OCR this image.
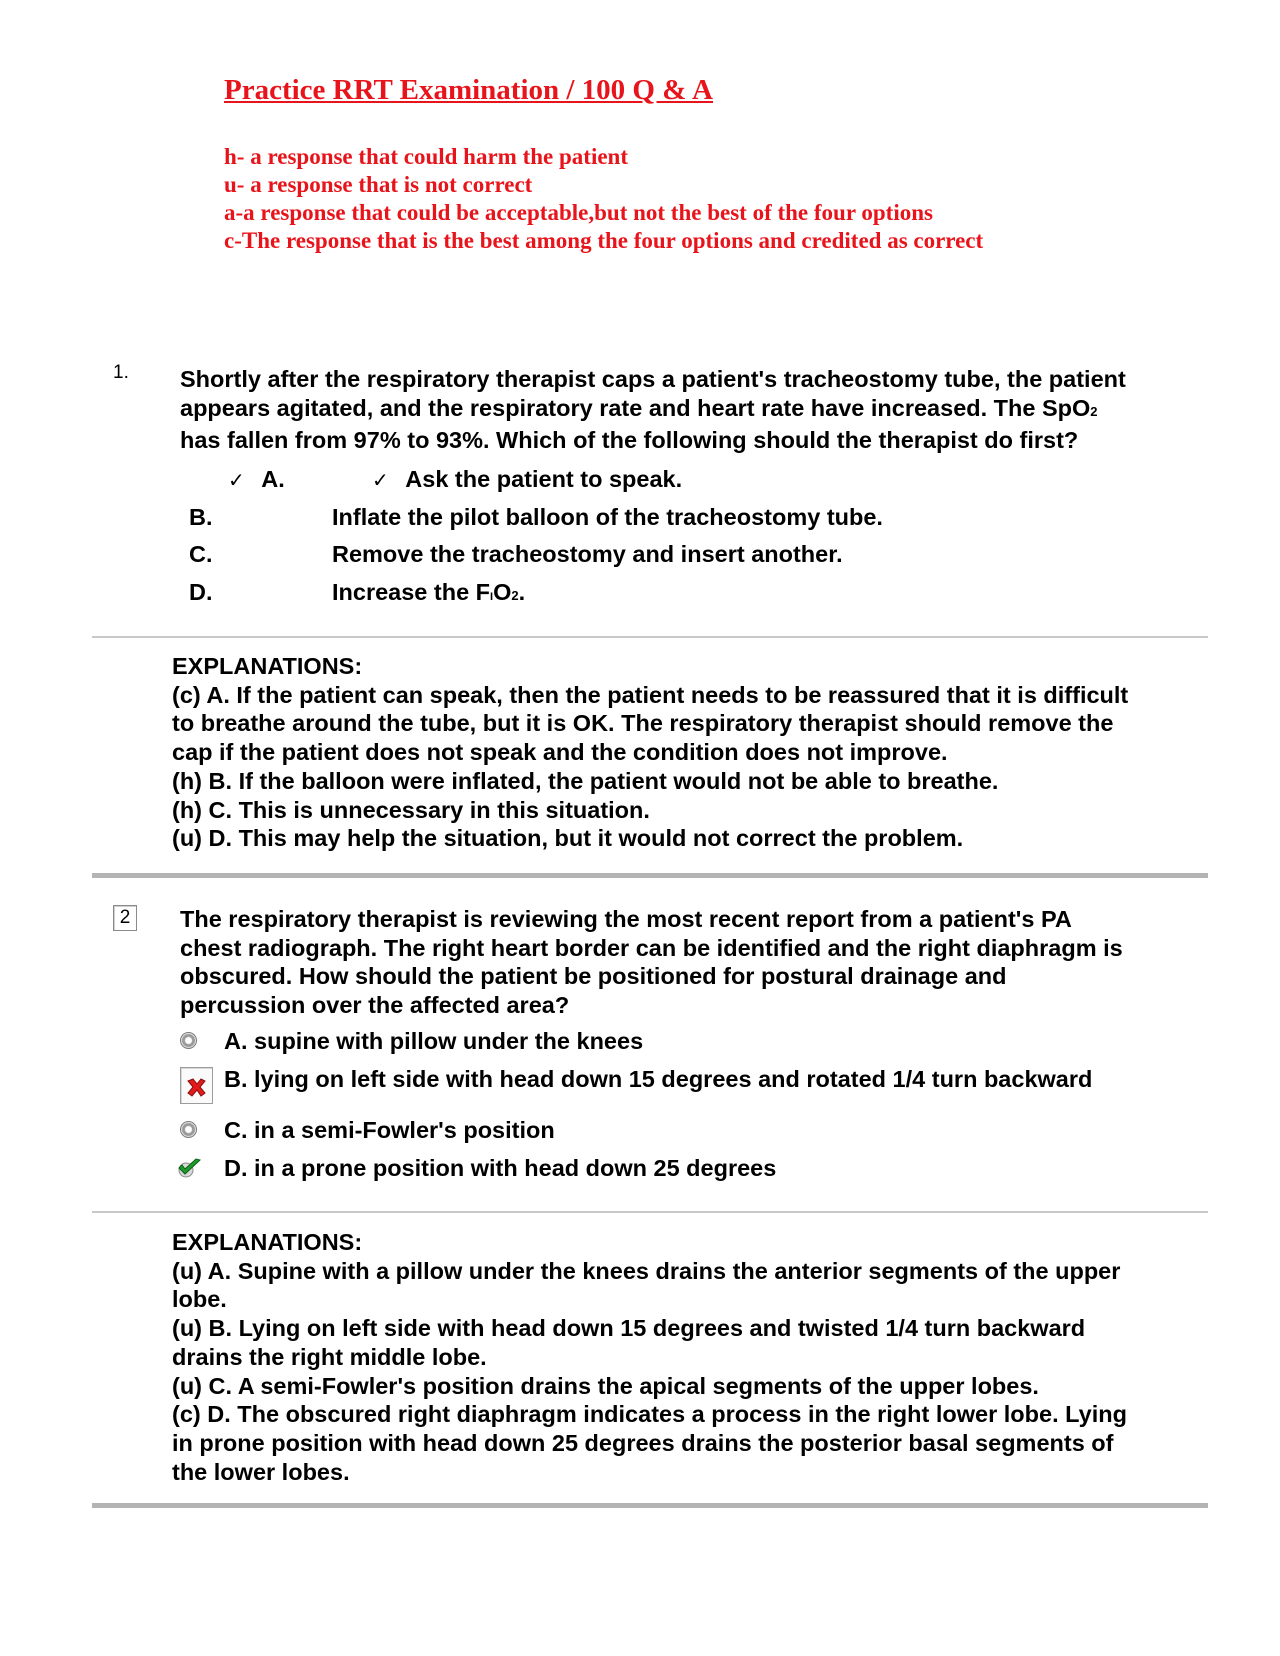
Practice RRT Examination / 100 Q & A
h- a response that could harm the patient
u- a response that is not correct
a-a response that could be acceptable,but not the best of the four options
c-The response that is the best among the four options and credited as correct
1. Shortly after the respiratory therapist caps a patient's tracheostomy tube, the patient
appears agitated, and the respiratory rate and heart rate have increased. The SpO2
has fallen from 97% to 93%. Which of the following should the therapist do first?
✓ A.	✓ Ask the patient to speak.
B.	Inflate the pilot balloon of the tracheostomy tube.
C.	Remove the tracheostomy and insert another.
D.	Increase the FIO2.
EXPLANATIONS:
(c) A. If the patient can speak, then the patient needs to be reassured that it is difficult
to breathe around the tube, but it is OK. The respiratory therapist should remove the
cap if the patient does not speak and the condition does not improve.
(h) B. If the balloon were inflated, the patient would not be able to breathe.
(h) C. This is unnecessary in this situation.
(u) D. This may help the situation, but it would not correct the problem.
2 The respiratory therapist is reviewing the most recent report from a patient's PA
chest radiograph. The right heart border can be identified and the right diaphragm is
obscured. How should the patient be positioned for postural drainage and
percussion over the affected area?
A. supine with pillow under the knees
B. lying on left side with head down 15 degrees and rotated 1/4 turn backward
C. in a semi-Fowler's position
D. in a prone position with head down 25 degrees
EXPLANATIONS:
(u) A. Supine with a pillow under the knees drains the anterior segments of the upper
lobe.
(u) B. Lying on left side with head down 15 degrees and twisted 1/4 turn backward
drains the right middle lobe.
(u) C. A semi-Fowler's position drains the apical segments of the upper lobes.
(c) D. The obscured right diaphragm indicates a process in the right lower lobe. Lying
in prone position with head down 25 degrees drains the posterior basal segments of
the lower lobes.
